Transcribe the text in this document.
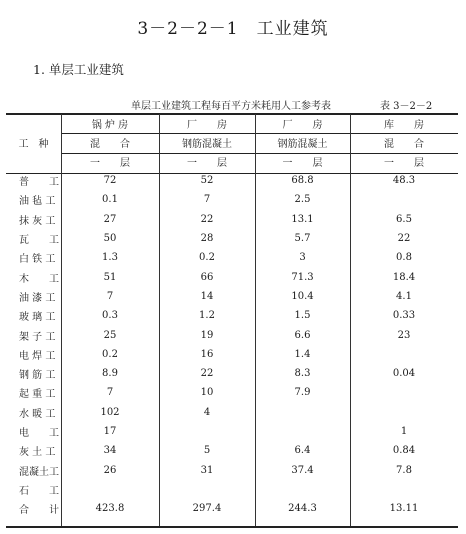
3－2－2－1　工业建筑
1. 单层工业建筑
单层工业建筑工程每百平方米耗用人工参考表	表 3－2－2
工　种	锅 炉 房	厂　　房	厂　　房	库　　房
	混　　合	钢筋混凝土	钢筋混凝土	混　　合
	一　　层	一　　层	一　　层	一　　层
普　　工	72	52	68.8	48.3
油 毡 工	0.1	7	2.5	
抹 灰 工	27	22	13.1	6.5
瓦　　工	50	28	5.7	22
白 铁 工	1.3	0.2	3	0.8
木　　工	51	66	71.3	18.4
油 漆 工	7	14	10.4	4.1
玻 璃 工	0.3	1.2	1.5	0.33
架 子 工	25	19	6.6	23
电 焊 工	0.2	16	1.4	
钢 筋 工	8.9	22	8.3	0.04
起 重 工	7	10	7.9	
水 暖 工	102	4		
电　　工	17			1
灰 土 工	34	5	6.4	0.84
混凝土工	26	31	37.4	7.8
石　　工				
合　　计	423.8	297.4	244.3	13.11
